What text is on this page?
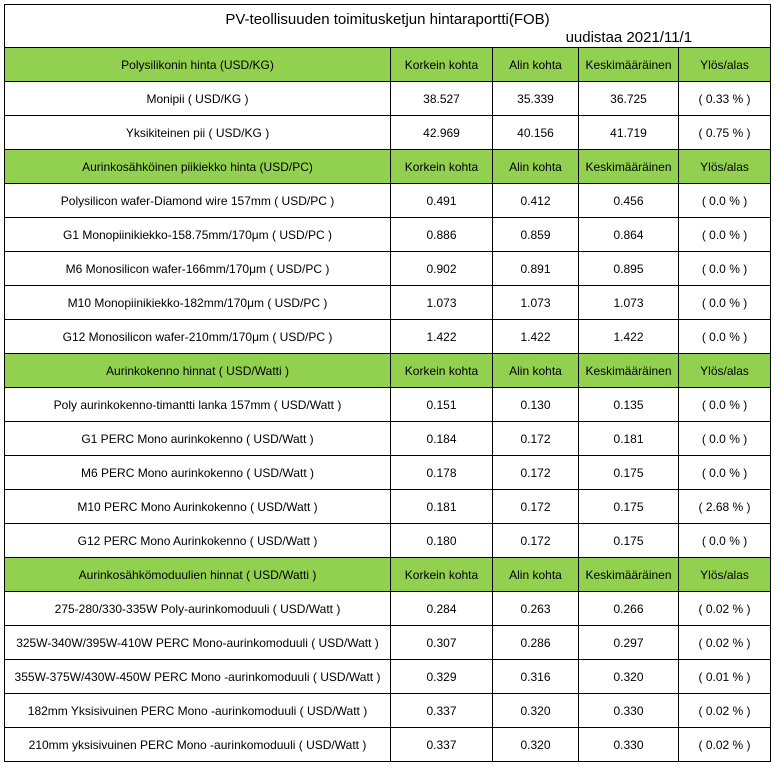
PV-teollisuuden toimitusketjun hintaraportti(FOB)
uudistaa 2021/11/1				

Polysilikonin hinta (USD/KG)	Korkein kohta	Alin kohta	Keskimääräinen	Ylös/alas
Monipii ( USD/KG )	38.527	35.339	36.725	( 0.33 % )
Yksikiteinen pii ( USD/KG )	42.969	40.156	41.719	( 0.75 % )
Aurinkosähköinen piikiekko hinta (USD/PC)	Korkein kohta	Alin kohta	Keskimääräinen	Ylös/alas
Polysilicon wafer-Diamond wire 157mm ( USD/PC )	0.491	0.412	0.456	( 0.0 % )
G1 Monopiinikiekko-158.75mm/170μm ( USD/PC )	0.886	0.859	0.864	( 0.0 % )
M6 Monosilicon wafer-166mm/170μm ( USD/PC )	0.902	0.891	0.895	( 0.0 % )
M10 Monopiinikiekko-182mm/170μm ( USD/PC )	1.073	1.073	1.073	( 0.0 % )
G12 Monosilicon wafer-210mm/170μm ( USD/PC )	1.422	1.422	1.422	( 0.0 % )
Aurinkokenno hinnat ( USD/Watti )	Korkein kohta	Alin kohta	Keskimääräinen	Ylös/alas
Poly aurinkokenno-timantti lanka 157mm ( USD/Watt )	0.151	0.130	0.135	( 0.0 % )
G1 PERC Mono aurinkokenno ( USD/Watt )	0.184	0.172	0.181	( 0.0 % )
M6 PERC Mono aurinkokenno ( USD/Watt )	0.178	0.172	0.175	( 0.0 % )
M10 PERC Mono Aurinkokenno ( USD/Watt )	0.181	0.172	0.175	( 2.68 % )
G12 PERC Mono Aurinkokenno ( USD/Watt )	0.180	0.172	0.175	( 0.0 % )
Aurinkosähkömoduulien hinnat ( USD/Watti )	Korkein kohta	Alin kohta	Keskimääräinen	Ylös/alas
275-280/330-335W Poly-aurinkomoduuli ( USD/Watt )	0.284	0.263	0.266	( 0.02 % )
325W-340W/395W-410W PERC Mono-aurinkomoduuli ( USD/Watt )	0.307	0.286	0.297	( 0.02 % )
355W-375W/430W-450W PERC Mono -aurinkomoduuli ( USD/Watt )	0.329	0.316	0.320	( 0.01 % )
182mm Yksisivuinen PERC Mono -aurinkomoduuli ( USD/Watt )	0.337	0.320	0.330	( 0.02 % )
210mm yksisivuinen PERC Mono -aurinkomoduuli ( USD/Watt )	0.337	0.320	0.330	( 0.02 % )
